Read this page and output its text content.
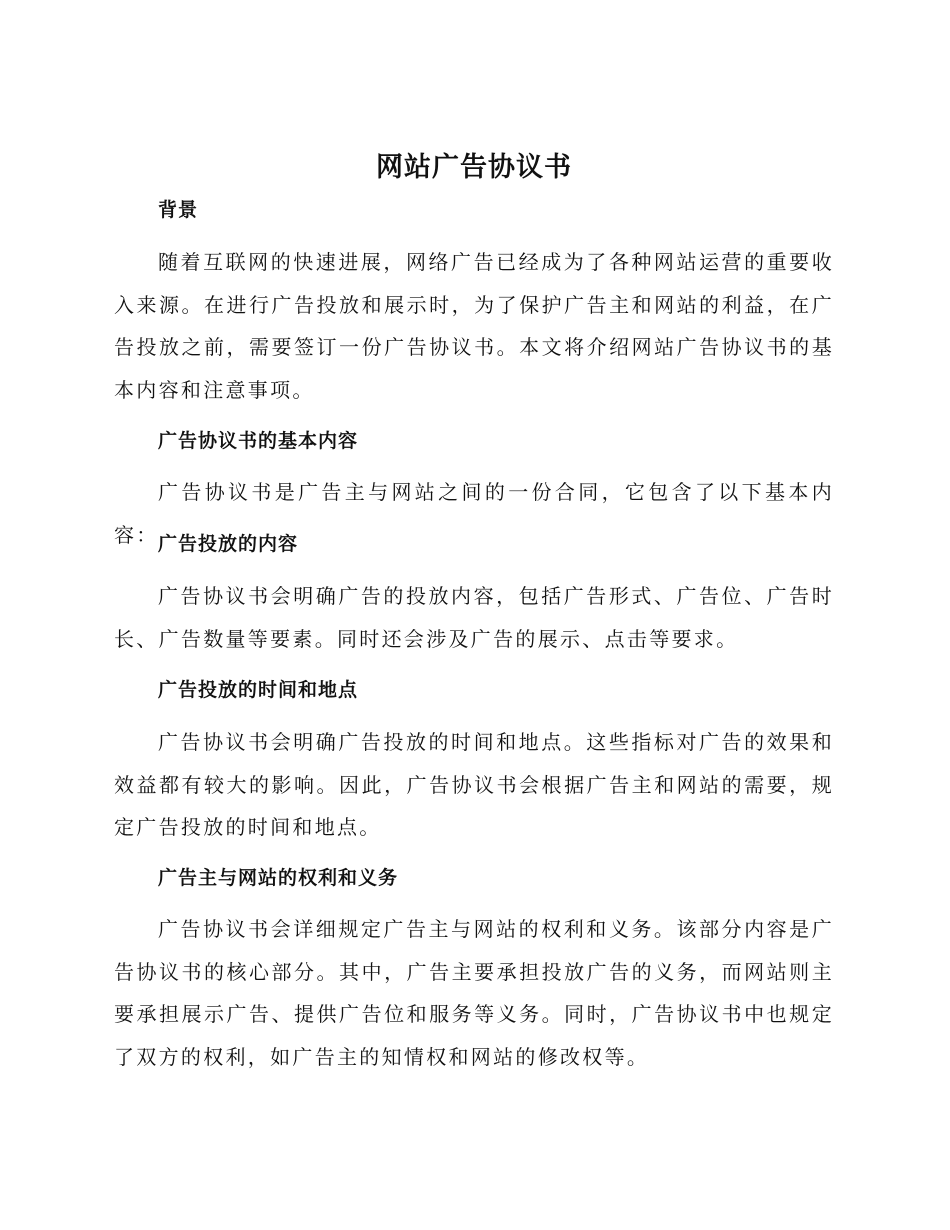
网站广告协议书
背景

随着互联网的快速进展，网络广告已经成为了各种网站运营的重要收入来源。在进行广告投放和展示时，为了保护广告主和网站的利益，在广告投放之前，需要签订一份广告协议书。本文将介绍网站广告协议书的基本内容和注意事项。

广告协议书的基本内容

广告协议书是广告主与网站之间的一份合同，它包含了以下基本内容： 广告投放的内容

广告协议书会明确广告的投放内容，包括广告形式、广告位、广告时长、广告数量等要素。同时还会涉及广告的展示、点击等要求。

广告投放的时间和地点

广告协议书会明确广告投放的时间和地点。这些指标对广告的效果和效益都有较大的影响。因此，广告协议书会根据广告主和网站的需要，规定广告投放的时间和地点。

广告主与网站的权利和义务

广告协议书会详细规定广告主与网站的权利和义务。该部分内容是广告协议书的核心部分。其中，广告主要承担投放广告的义务，而网站则主要承担展示广告、提供广告位和服务等义务。同时，广告协议书中也规定了双方的权利，如广告主的知情权和网站的修改权等。
